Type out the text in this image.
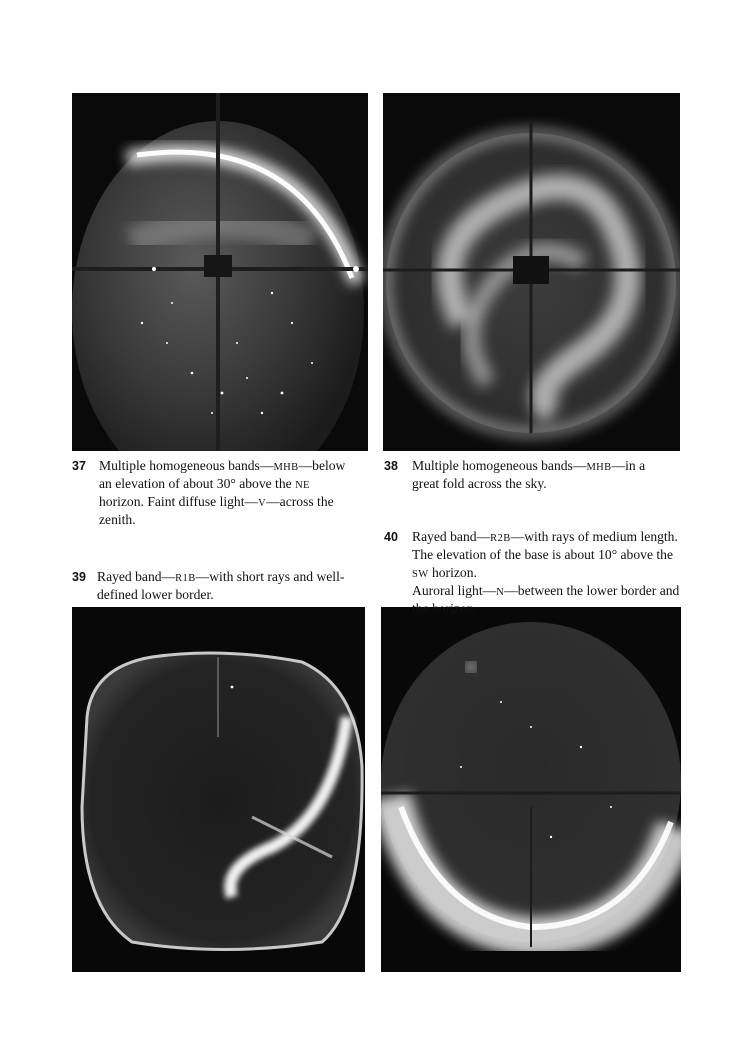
37 Multiple homogeneous bands—MHB—below
an elevation of about 30° above the NE
horizon. Faint diffuse light—V—across the
zenith.
38 Multiple homogeneous bands—MHB—in a
great fold across the sky.
39 Rayed band—R1B—with short rays and well-
defined lower border.
40 Rayed band—R2B—with rays of medium length.
The elevation of the base is about 10° above the
SW horizon.
Auroral light—N—between the lower border and
the horizon.
